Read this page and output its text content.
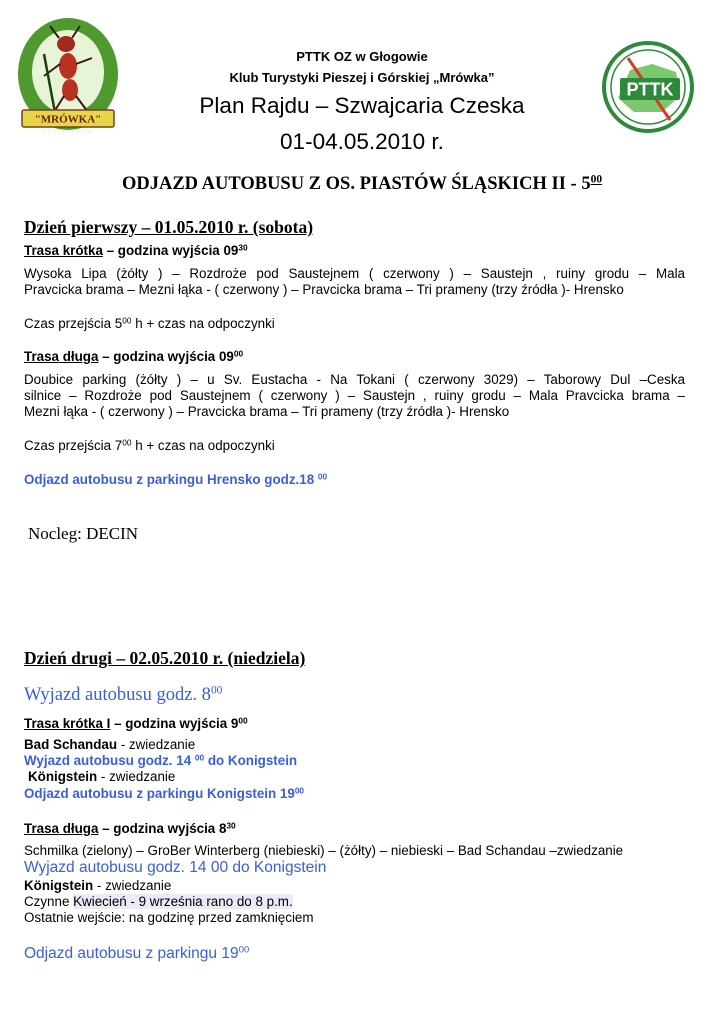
"MRÓWKA"
PTTK OZ GŁOGÓW
PTTK
PTTK OZ w Głogowie
Klub Turystyki Pieszej i Górskiej „Mrówka”
Plan Rajdu – Szwajcaria Czeska
01-04.05.2010 r.
ODJAZD AUTOBUSU Z OS. PIASTÓW ŚLĄSKICH II - $5^{00}$
Dzień pierwszy – 01.05.2010 r. (sobota)
Trasa krótka – godzina wyjścia $09^{30}$
Wysoka Lipa (żółty ) – Rozdroże pod Saustejnem ( czerwony ) – Saustejn , ruiny grodu – Mala
Pravcicka brama – Mezni łąka - ( czerwony ) – Pravcicka brama – Tri prameny (trzy źródła )- Hrensko
Czas przejścia $5^{00}$ h + czas na odpoczynki
Trasa długa – godzina wyjścia $09^{00}$
Doubice parking (żółty ) – u Sv. Eustacha - Na Tokani ( czerwony 3029) – Taborowy Dul –Ceska
silnice – Rozdroże pod Saustejnem ( czerwony ) – Saustejn , ruiny grodu – Mala Pravcicka brama –
Mezni łąka - ( czerwony ) – Pravcicka brama – Tri prameny (trzy źródła )- Hrensko
Czas przejścia $7^{00}$ h + czas na odpoczynki
Odjazd autobusu z parkingu Hrensko godz.18 $^{00}$
Nocleg: DECIN
Dzień drugi – 02.05.2010 r. (niedziela)
Wyjazd autobusu godz. $8^{00}$
Trasa krótka I – godzina wyjścia $9^{00}$
Bad Schandau - zwiedzanie
Wyjazd autobusu godz. 14 $^{00}$ do Konigstein
Königstein - zwiedzanie
Odjazd autobusu z parkingu Konigstein $19^{00}$
Trasa długa – godzina wyjścia $8^{30}$
Schmilka (zielony) – GroBer Winterberg (niebieski) – (żółty) – niebieski – Bad Schandau –zwiedzanie
Wyjazd autobusu godz. 14 00 do Konigstein
Königstein - zwiedzanie
Czynne Kwiecień - 9 września rano do 8 p.m.
Ostatnie wejście: na godzinę przed zamknięciem
Odjazd autobusu z parkingu $19^{00}$
